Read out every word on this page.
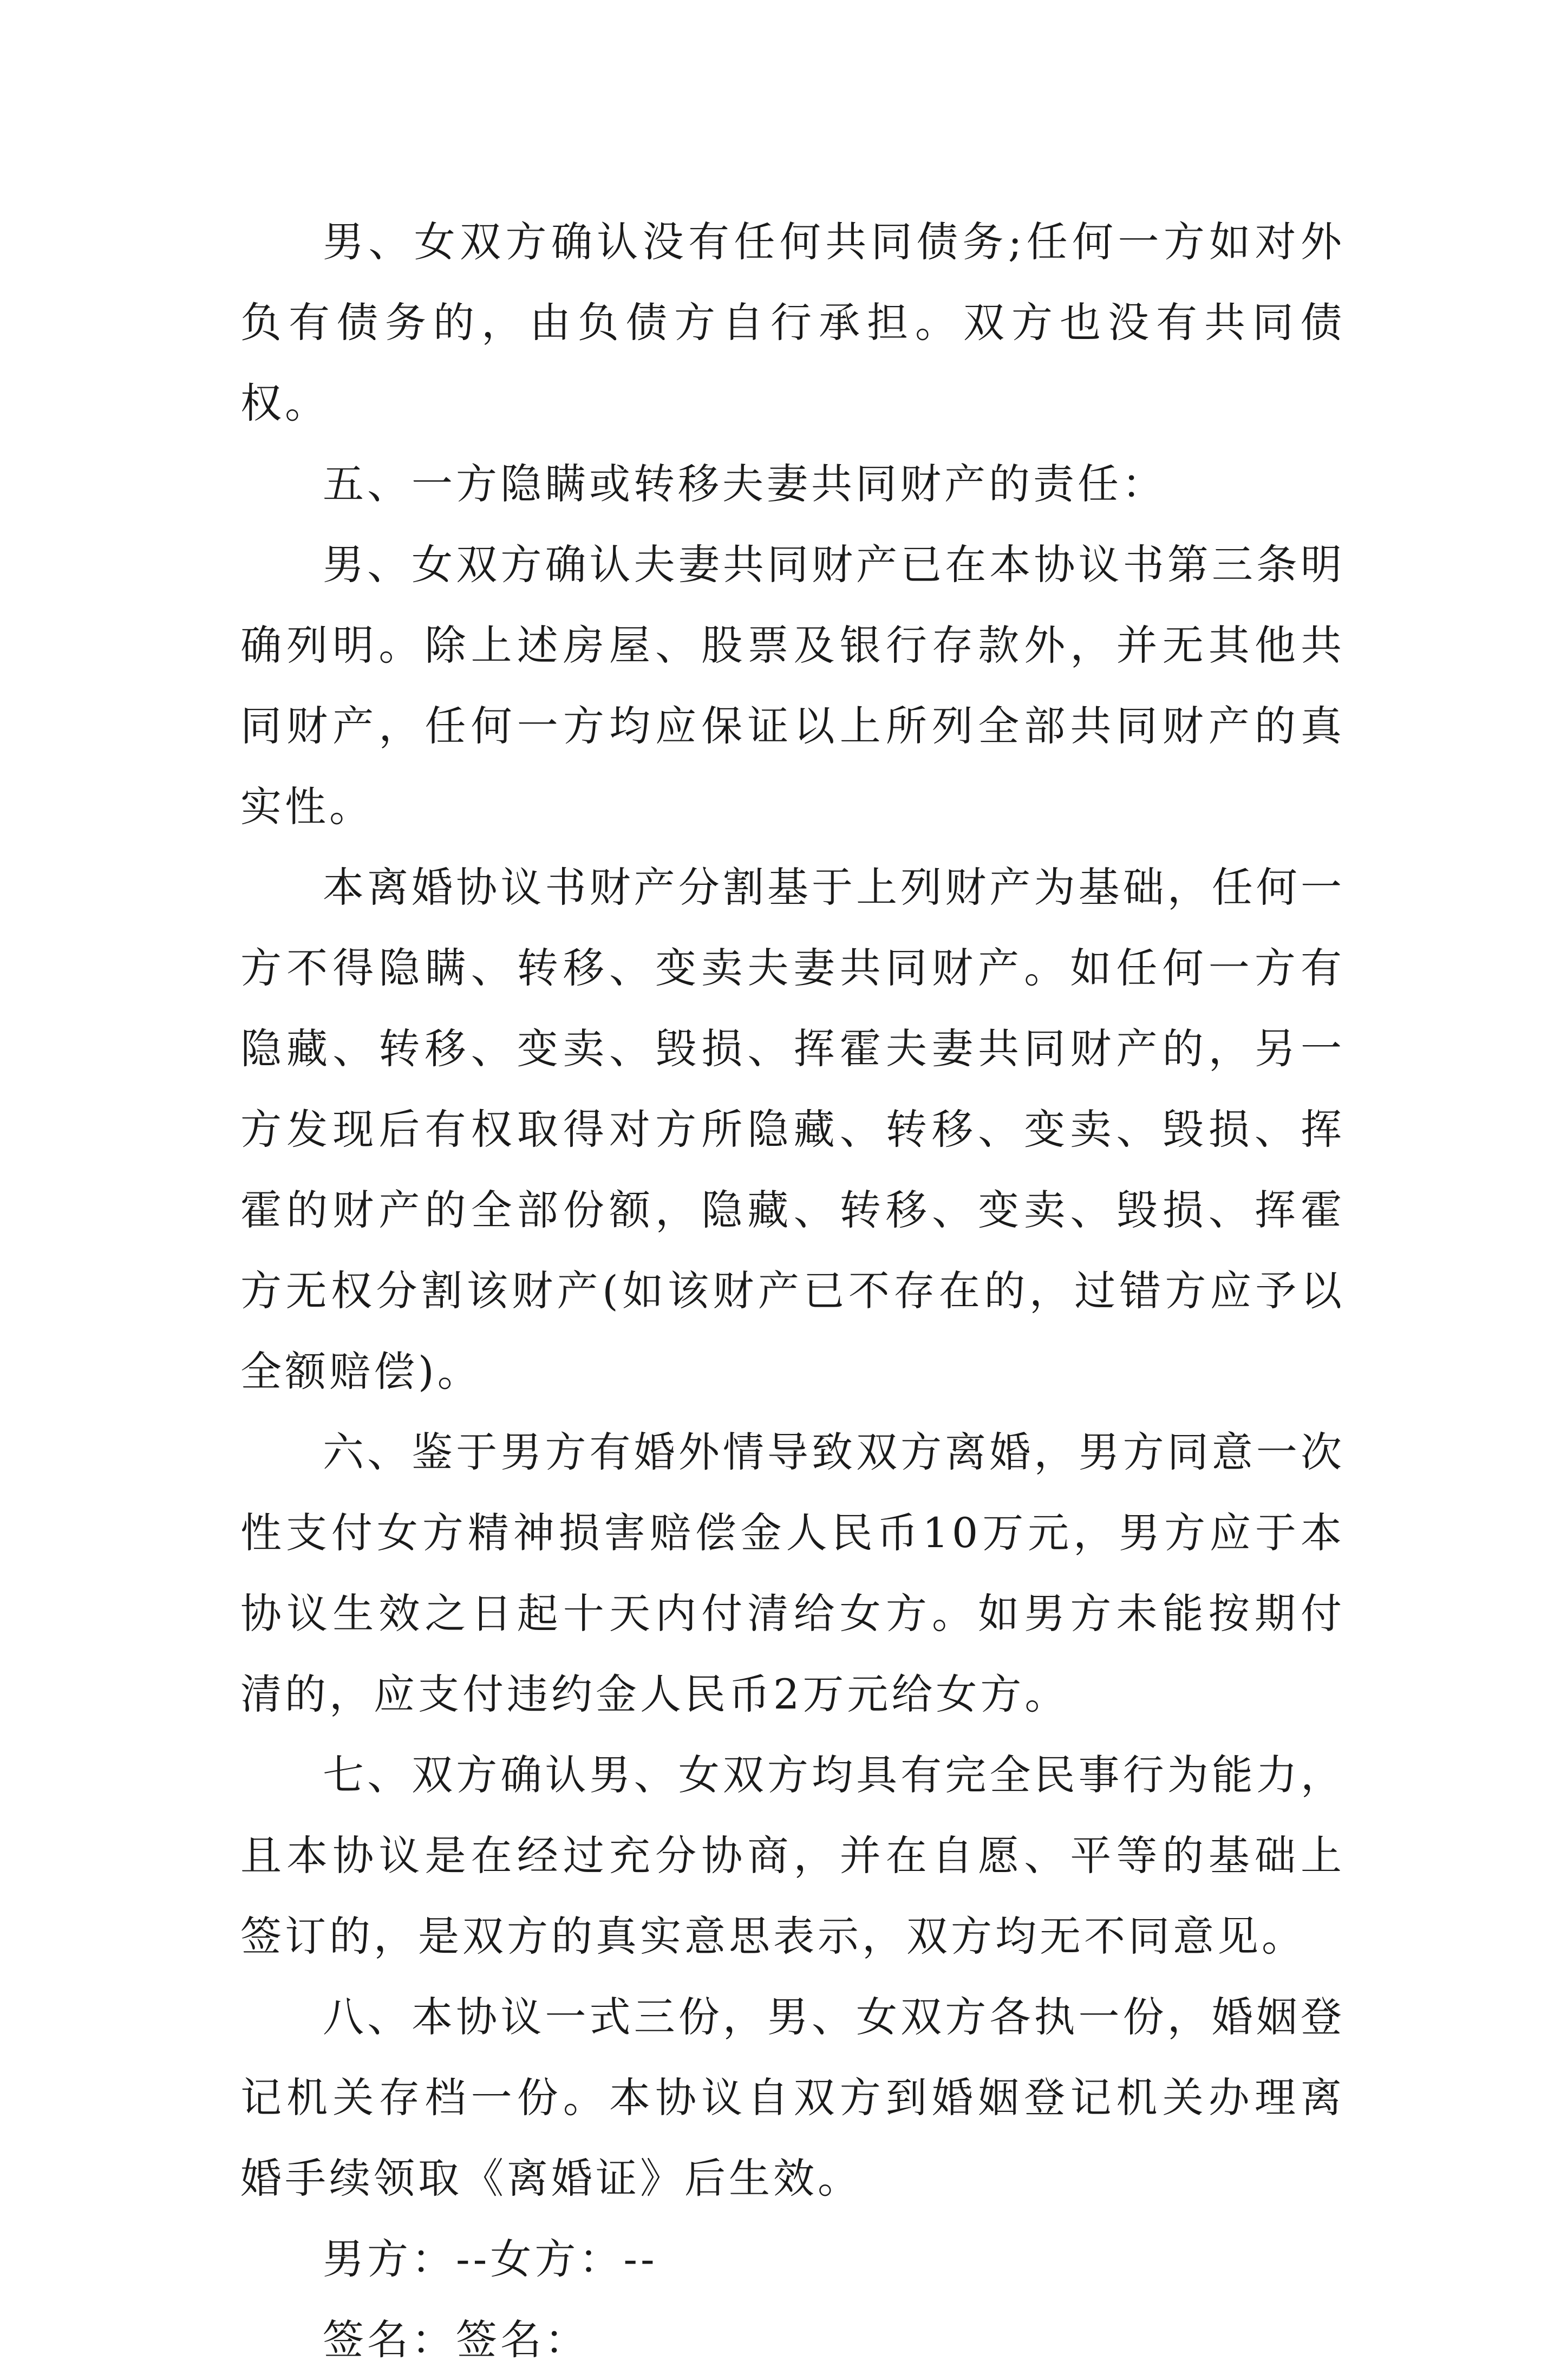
男、女双方确认没有任何共同债务;任何一方如对外负有债务的，由负债方自行承担。双方也没有共同债权。

五、一方隐瞒或转移夫妻共同财产的责任：

男、女双方确认夫妻共同财产已在本协议书第三条明确列明。除上述房屋、股票及银行存款外，并无其他共同财产，任何一方均应保证以上所列全部共同财产的真实性。

本离婚协议书财产分割基于上列财产为基础，任何一方不得隐瞒、转移、变卖夫妻共同财产。如任何一方有隐藏、转移、变卖、毁损、挥霍夫妻共同财产的，另一方发现后有权取得对方所隐藏、转移、变卖、毁损、挥霍的财产的全部份额，隐藏、转移、变卖、毁损、挥霍方无权分割该财产(如该财产已不存在的，过错方应予以全额赔偿)。

六、鉴于男方有婚外情导致双方离婚，男方同意一次性支付女方精神损害赔偿金人民币10万元，男方应于本协议生效之日起十天内付清给女方。如男方未能按期付清的，应支付违约金人民币2万元给女方。

七、双方确认男、女双方均具有完全民事行为能力，且本协议是在经过充分协商，并在自愿、平等的基础上签订的，是双方的真实意思表示，双方均无不同意见。

八、本协议一式三份，男、女双方各执一份，婚姻登记机关存档一份。本协议自双方到婚姻登记机关办理离婚手续领取《离婚证》后生效。

男方：--女方：--

签名：签名：
